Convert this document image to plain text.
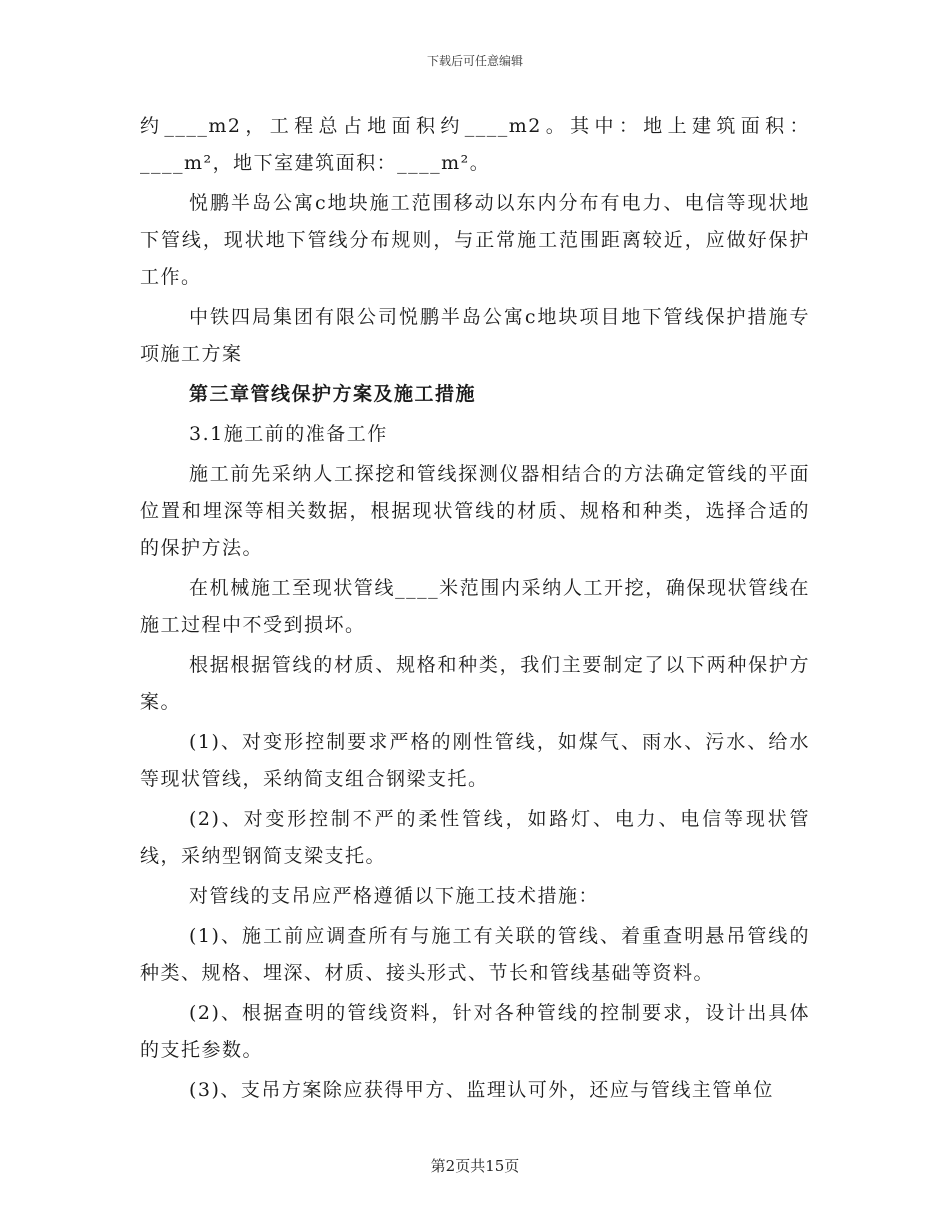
下载后可任意编辑

约____m2，工程总占地面积约____m2。其中：地上建筑面积：____m²，地下室建筑面积：____m²。

悦鹏半岛公寓c地块施工范围移动以东内分布有电力、电信等现状地下管线，现状地下管线分布规则，与正常施工范围距离较近，应做好保护工作。

中铁四局集团有限公司悦鹏半岛公寓c地块项目地下管线保护措施专项施工方案

第三章管线保护方案及施工措施

3.1施工前的准备工作

施工前先采纳人工探挖和管线探测仪器相结合的方法确定管线的平面位置和埋深等相关数据，根据现状管线的材质、规格和种类，选择合适的的保护方法。

在机械施工至现状管线____米范围内采纳人工开挖，确保现状管线在施工过程中不受到损坏。

根据根据管线的材质、规格和种类，我们主要制定了以下两种保护方案。

(1)、对变形控制要求严格的刚性管线，如煤气、雨水、污水、给水等现状管线，采纳简支组合钢梁支托。

(2)、对变形控制不严的柔性管线，如路灯、电力、电信等现状管线，采纳型钢简支梁支托。

对管线的支吊应严格遵循以下施工技术措施：

(1)、施工前应调查所有与施工有关联的管线、着重查明悬吊管线的种类、规格、埋深、材质、接头形式、节长和管线基础等资料。

(2)、根据查明的管线资料，针对各种管线的控制要求，设计出具体的支托参数。

(3)、支吊方案除应获得甲方、监理认可外，还应与管线主管单位

第2页共15页
